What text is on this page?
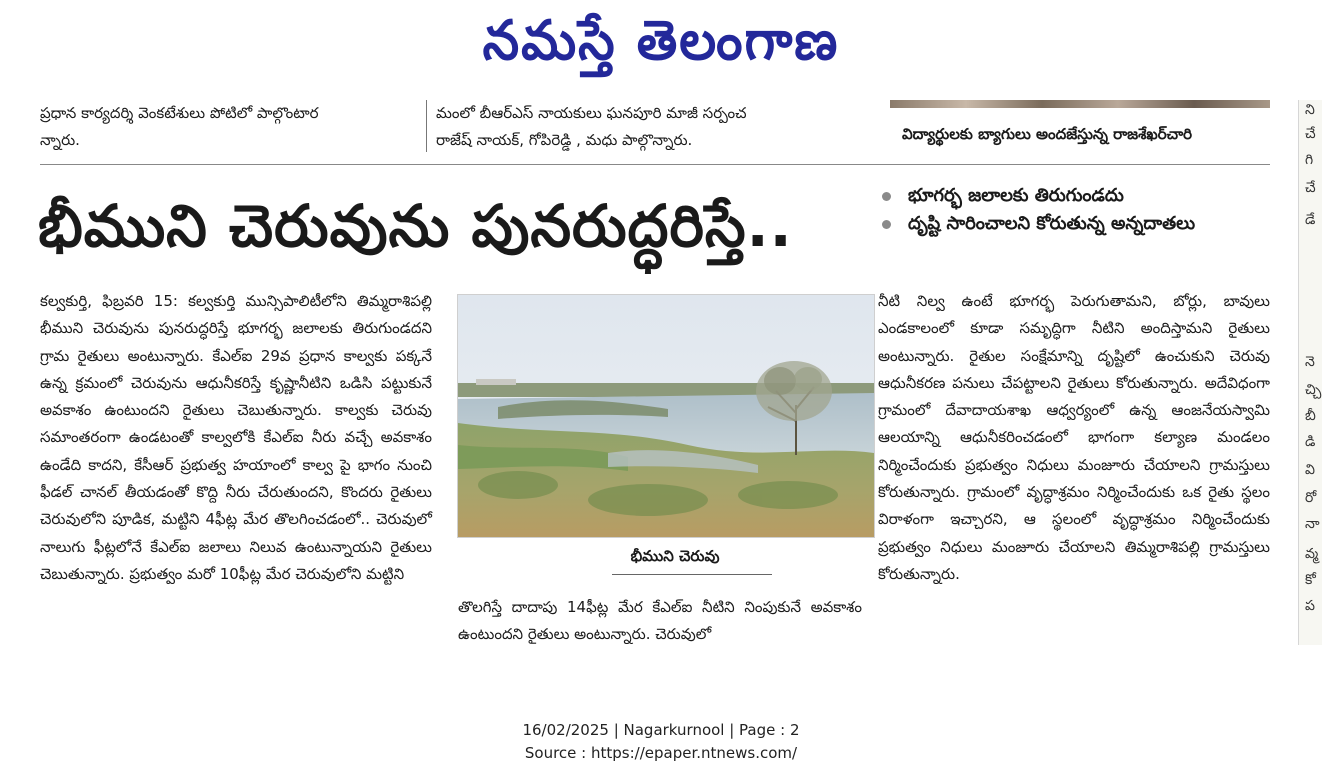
నమస్తే తెలంగాణ
ప్రధాన కార్యదర్శి వెంకటేశులు పోటిలో పాల్గొంటార
న్నారు.
మంలో బీఆర్‌ఎస్ నాయకులు ఘనపూరి మాజీ సర్పంచ
రాజేష్ నాయక్, గోపిరెడ్డి , మధు పాల్గొన్నారు.	విద్యార్థులకు బ్యాగులు అందజేస్తున్న రాజశేఖర్‌చారి
భీముని చెరువును పునరుద్ధరిస్తే..	భూగర్భ జలాలకు తిరుగుండదు
దృష్టి సారించాలని కోరుతున్న అన్నదాతలు

కల్వకుర్తి, ఫిబ్రవరి 15: కల్వకుర్తి మున్సిపాలిటీలోని తిమ్మరాశిపల్లి భీముని చెరువును పునరుద్ధరిస్తే భూగర్భ జలాలకు తిరుగుండదని గ్రామ రైతులు అంటున్నారు. కేఎల్‌ఐ 29వ ప్రధాన కాల్వకు పక్కనే ఉన్న క్రమంలో చెరువును ఆధునీకరిస్తే కృష్ణానీటిని ఒడిసి పట్టుకునే అవకాశం ఉంటుందని రైతులు చెబుతున్నారు. కాల్వకు చెరువు సమాంతరంగా ఉండటంతో కాల్వలోకి కేఎల్‌ఐ నీరు వచ్చే అవకాశం ఉండేది కాదని, కేసీఆర్ ప్రభుత్వ హయాంలో కాల్వ పై భాగం నుంచి ఫీడల్ చానల్ తీయడంతో కొద్ది నీరు చేరుతుందని, కొందరు రైతులు చెరువులోని పూడిక, మట్టిని 4ఫీట్ల మేర తొలగించడంలో.. చెరువులో నాలుగు ఫీట్లలోనే కేఎల్‌ఐ జలాలు నిలువ ఉంటున్నాయని రైతులు చెబుతున్నారు. ప్రభుత్వం మరో 10ఫీట్ల మేర చెరువులోని మట్టిని

భీముని చెరువు

తొలగిస్తే దాదాపు 14ఫీట్ల మేర కేఎల్‌ఐ నీటిని నింపుకునే అవకాశం ఉంటుందని రైతులు అంటున్నారు. చెరువులో

నీటి నిల్వ ఉంటే భూగర్భ పెరుగుతామని, బోర్లు, బావులు ఎండకాలంలో కూడా సమృద్ధిగా నీటిని అందిస్తామని రైతులు అంటున్నారు. రైతుల సంక్షేమాన్ని దృష్టిలో ఉంచుకుని చెరువు ఆధునీకరణ పనులు చేపట్టాలని రైతులు కోరుతున్నారు. అదేవిధంగా గ్రామంలో దేవాదాయశాఖ ఆధ్వర్యంలో ఉన్న ఆంజనేయస్వామి ఆలయాన్ని ఆధునీకరించడంలో భాగంగా కల్యాణ మండలం నిర్మించేందుకు ప్రభుత్వం నిధులు మంజూరు చేయాలని గ్రామస్తులు కోరుతున్నారు. గ్రామంలో వృద్ధాశ్రమం నిర్మించేందుకు ఒక రైతు స్థలం విరాళంగా ఇచ్చారని, ఆ స్థలంలో వృద్ధాశ్రమం నిర్మించేందుకు ప్రభుత్వం నిధులు మంజూరు చేయాలని తిమ్మరాశిపల్లి గ్రామస్తులు కోరుతున్నారు.

ని
చే
గి
చే
డే
నె
చ్చి
బీ
డి
వి
రో
నా
వ్మ
కో
ప
16/02/2025 | Nagarkurnool | Page : 2
Source : https://epaper.ntnews.com/
